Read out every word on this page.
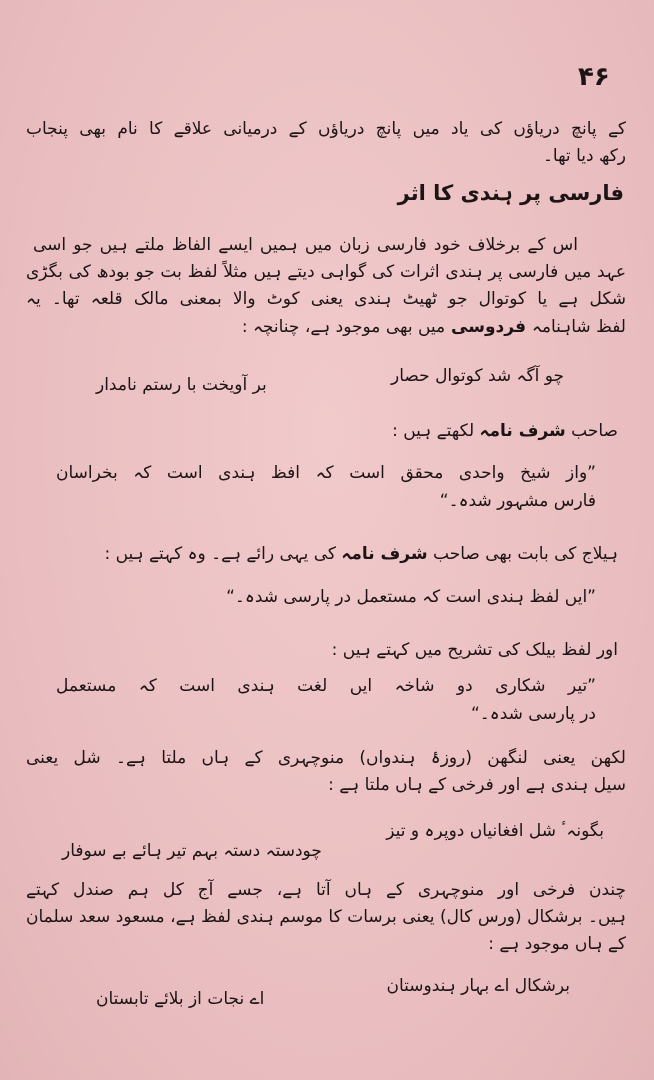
۴۶
کے پانچ دریاؤں کی یاد میں پانچ دریاؤں کے درمیانی علاقے کا نام بھی پنجاب
رکھ دیا تھا۔
فارسی پر ہندی کا اثر
اس کے برخلاف خود فارسی زبان میں ہمیں ایسے الفاظ ملتے ہیں جو اسی
عہد میں فارسی پر ہندی اثرات کی گواہی دیتے ہیں مثلاً لفظ بت جو بودھ کی بگڑی
شکل ہے یا کوتوال جو ٹھیٹ ہندی یعنی کوٹ والا بمعنی مالک قلعہ تھا۔ یہ
لفظ شاہنامہ فردوسی میں بھی موجود ہے، چنانچہ :
چو آگہ شد کوتوال حصار
بر آویخت با رستم نامدار
صاحب شرف نامہ لکھتے ہیں :
”واز شیخ واحدی محقق است کہ افظ ہندی است کہ بخراسان
فارس مشہور شدہ۔“
ہیلاج کی بابت بھی صاحب شرف نامہ کی یہی رائے ہے۔ وہ کہتے ہیں :
”ایں لفظ ہندی است کہ مستعمل در پارسی شدہ۔“
اور لفظ بیلک کی تشریح میں کہتے ہیں :
”تیر شکاری دو شاخہ ایں لغت ہندی است کہ مستعمل
در پارسی شدہ۔“
لکھن یعنی لنگھن (روزۂ ہندواں) منوچہری کے ہاں ملتا ہے۔ شل یعنی
سیل ہندی ہے اور فرخی کے ہاں ملتا ہے :
بگونہٴ شل افغانیاں دوپرہ و تیز
چودستہ دستہ بہم تیر ہائے بے سوفار
چندن فرخی اور منوچہری کے ہاں آتا ہے، جسے آج کل ہم صندل کہتے
ہیں۔ برشکال (ورس کال) یعنی برسات کا موسم ہندی لفظ ہے، مسعود سعد سلمان
کے ہاں موجود ہے :
برشکال اے بہار ہندوستان
اے نجات از بلائے تابستان
